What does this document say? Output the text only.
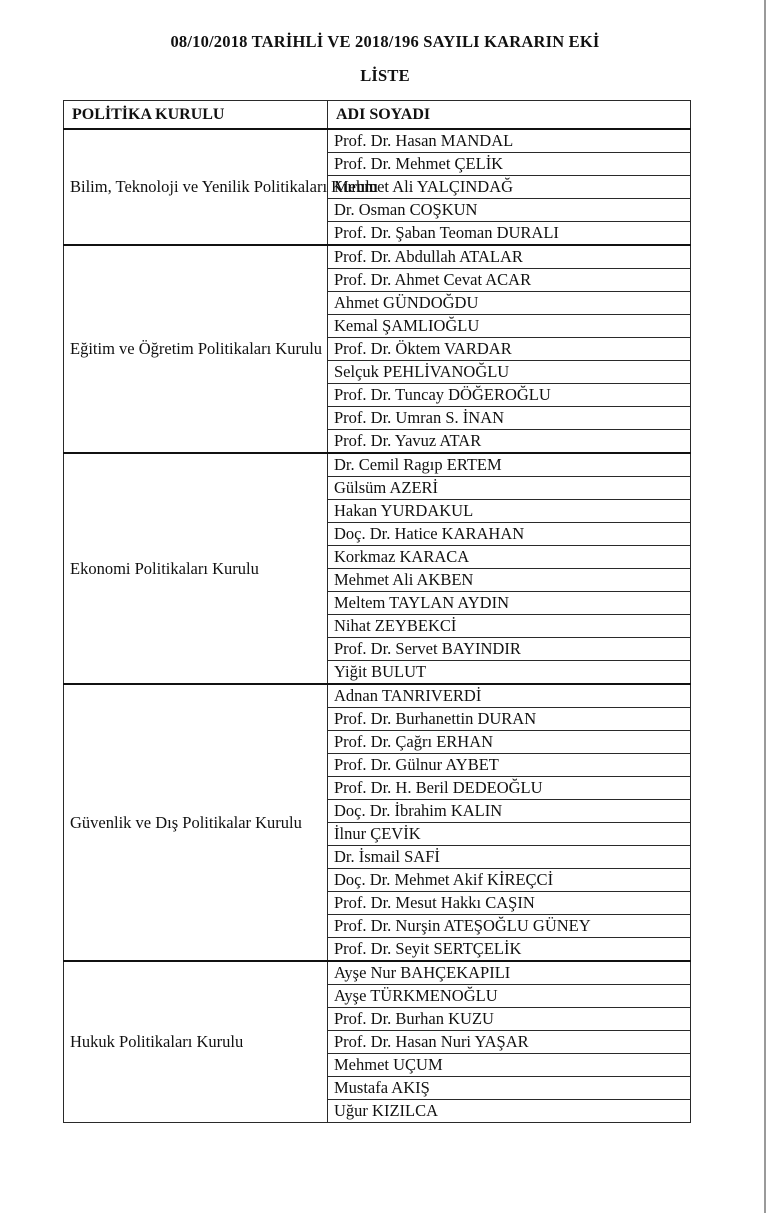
08/10/2018 TARİHLİ VE 2018/196 SAYILI KARARIN EKİ
LİSTE
POLİTİKA KURULU	ADI SOYADI
Bilim, Teknoloji ve Yenilik Politikaları Kurulu	Prof. Dr. Hasan MANDAL
	Prof. Dr. Mehmet ÇELİK
	Mehmet Ali YALÇINDAĞ
	Dr. Osman COŞKUN
	Prof. Dr. Şaban Teoman DURALI
Eğitim ve Öğretim Politikaları Kurulu	Prof. Dr. Abdullah ATALAR
	Prof. Dr. Ahmet Cevat ACAR
	Ahmet GÜNDOĞDU
	Kemal ŞAMLIOĞLU
	Prof. Dr. Öktem VARDAR
	Selçuk PEHLİVANOĞLU
	Prof. Dr. Tuncay DÖĞEROĞLU
	Prof. Dr. Umran S. İNAN
	Prof. Dr. Yavuz ATAR
Ekonomi Politikaları Kurulu	Dr. Cemil Ragıp ERTEM
	Gülsüm AZERİ
	Hakan YURDAKUL
	Doç. Dr. Hatice KARAHAN
	Korkmaz KARACA
	Mehmet Ali AKBEN
	Meltem TAYLAN AYDIN
	Nihat ZEYBEKCİ
	Prof. Dr. Servet BAYINDIR
	Yiğit BULUT
Güvenlik ve Dış Politikalar Kurulu	Adnan TANRIVERDİ
	Prof. Dr. Burhanettin DURAN
	Prof. Dr. Çağrı ERHAN
	Prof. Dr. Gülnur AYBET
	Prof. Dr. H. Beril DEDEOĞLU
	Doç. Dr. İbrahim KALIN
	İlnur ÇEVİK
	Dr. İsmail SAFİ
	Doç. Dr. Mehmet Akif KİREÇCİ
	Prof. Dr. Mesut Hakkı CAŞIN
	Prof. Dr. Nurşin ATEŞOĞLU GÜNEY
	Prof. Dr. Seyit SERTÇELİK
Hukuk Politikaları Kurulu	Ayşe Nur BAHÇEKAPILI
	Ayşe TÜRKMENOĞLU
	Prof. Dr. Burhan KUZU
	Prof. Dr. Hasan Nuri YAŞAR
	Mehmet UÇUM
	Mustafa AKIŞ
	Uğur KIZILCA
